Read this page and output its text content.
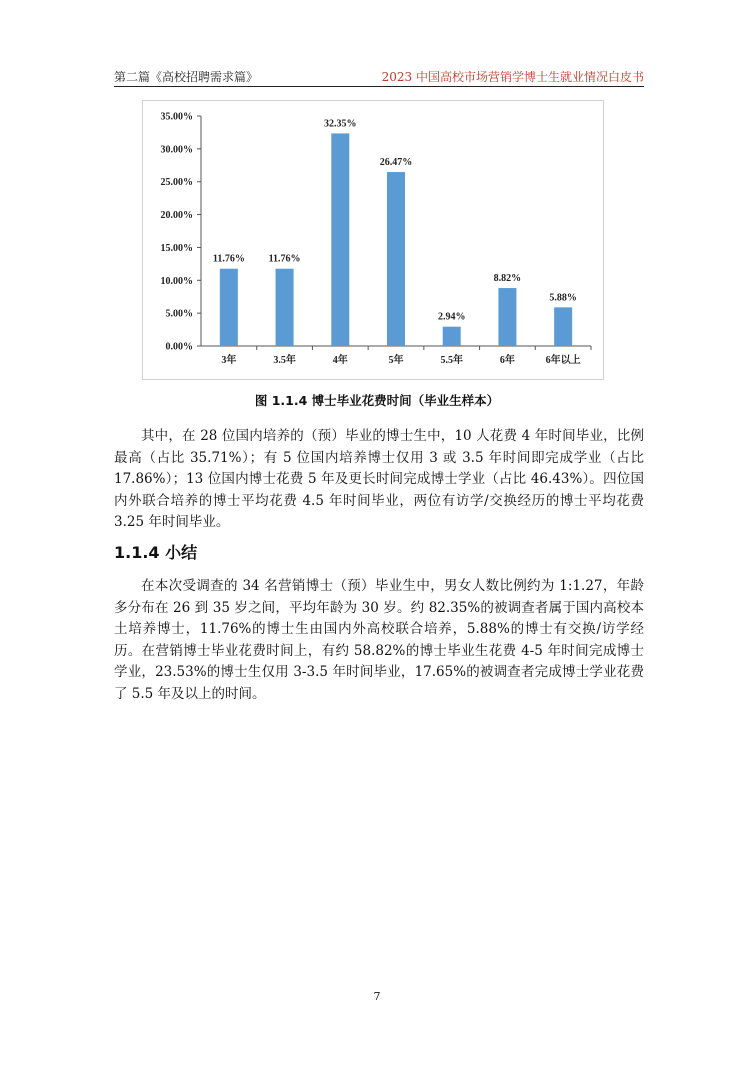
第二篇《高校招聘需求篇》	2023 中国高校市场营销学博士生就业情况白皮书
0.00%
5.00%
10.00%
15.00%
20.00%
25.00%
30.00%
35.00%
11.76%
3年
11.76%
3.5年
32.35%
4年
26.47%
5年
2.94%
5.5年
8.82%
6年
5.88%
6年以上
图 1.1.4 博士毕业花费时间（毕业生样本）

其中，在 28 位国内培养的（预）毕业的博士生中，10 人花费 4 年时间毕业，比例最高（占比 35.71%）；有 5 位国内培养博士仅用 3 或 3.5 年时间即完成学业（占比 17.86%）；13 位国内博士花费 5 年及更长时间完成博士学业（占比 46.43%）。四位国内外联合培养的博士平均花费 4.5 年时间毕业，两位有访学/交换经历的博士平均花费 3.25 年时间毕业。

1.1.4 小结

在本次受调查的 34 名营销博士（预）毕业生中，男女人数比例约为 1:1.27，年龄多分布在 26 到 35 岁之间，平均年龄为 30 岁。约 82.35%的被调查者属于国内高校本土培养博士，11.76%的博士生由国内外高校联合培养，5.88%的博士有交换/访学经历。在营销博士毕业花费时间上，有约 58.82%的博士毕业生花费 4-5 年时间完成博士学业，23.53%的博士生仅用 3-3.5 年时间毕业，17.65%的被调查者完成博士学业花费了 5.5 年及以上的时间。

7
